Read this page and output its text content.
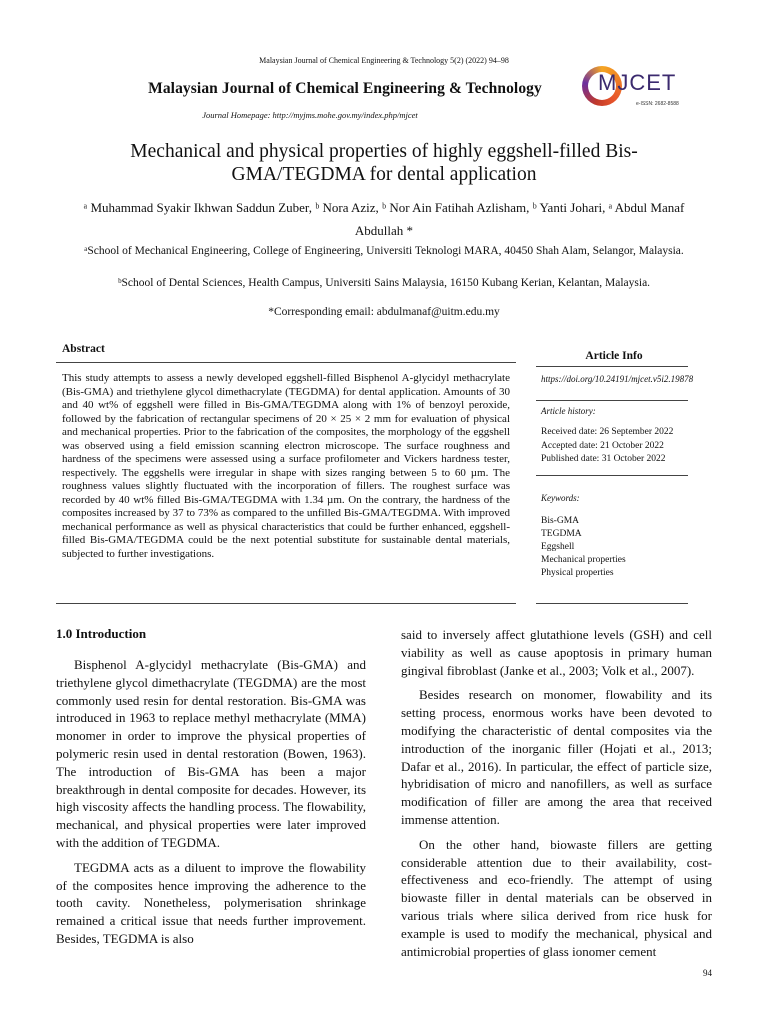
Malaysian Journal of Chemical Engineering & Technology 5(2) (2022) 94–98
Malaysian Journal of Chemical Engineering & Technology
Journal Homepage: http://myjms.mohe.gov.my/index.php/mjcet
MJCET
e-ISSN: 2682-8588
Mechanical and physical properties of highly eggshell-filled Bis-GMA/TEGDMA for dental application
ᵃ Muhammad Syakir Ikhwan Saddun Zuber, ᵇ Nora Aziz, ᵇ Nor Ain Fatihah Azlisham, ᵇ Yanti Johari, ᵃ Abdul Manaf Abdullah *
ᵃSchool of Mechanical Engineering, College of Engineering, Universiti Teknologi MARA, 40450 Shah Alam, Selangor, Malaysia.
ᵇSchool of Dental Sciences, Health Campus, Universiti Sains Malaysia, 16150 Kubang Kerian, Kelantan, Malaysia.
*Corresponding email: abdulmanaf@uitm.edu.my
Abstract
This study attempts to assess a newly developed eggshell-filled Bisphenol A-glycidyl methacrylate (Bis-GMA) and triethylene glycol dimethacrylate (TEGDMA) for dental application. Amounts of 30 and 40 wt% of eggshell were filled in Bis-GMA/TEGDMA along with 1% of benzoyl peroxide, followed by the fabrication of rectangular specimens of 20 × 25 × 2 mm for evaluation of physical and mechanical properties. Prior to the fabrication of the composites, the morphology of the eggshell was observed using a field emission scanning electron microscope. The surface roughness and hardness of the specimens were assessed using a surface profilometer and Vickers hardness tester, respectively. The eggshells were irregular in shape with sizes ranging between 5 to 60 µm. The roughness values slightly fluctuated with the incorporation of fillers. The roughest surface was recorded by 40 wt% filled Bis-GMA/TEGDMA with 1.34 µm. On the contrary, the hardness of the composites increased by 37 to 73% as compared to the unfilled Bis-GMA/TEGDMA. With improved mechanical performance as well as physical characteristics that could be further enhanced, eggshell-filled Bis-GMA/TEGDMA could be the next potential substitute for sustainable dental materials, subjected to further investigations.
Article Info
https://doi.org/10.24191/mjcet.v5i2.19878
Article history:
Received date: 26 September 2022
Accepted date: 21 October 2022
Published date: 31 October 2022
Keywords:
Bis-GMA
TEGDMA
Eggshell
Mechanical properties
Physical properties
1.0 Introduction

Bisphenol A-glycidyl methacrylate (Bis-GMA) and triethylene glycol dimethacrylate (TEGDMA) are the most commonly used resin for dental restoration. Bis-GMA was introduced in 1963 to replace methyl methacrylate (MMA) monomer in order to improve the physical properties of polymeric resin used in dental restoration (Bowen, 1963). The introduction of Bis-GMA has been a major breakthrough in dental composite for decades. However, its high viscosity affects the handling process. The flowability, mechanical, and physical properties were later improved with the addition of TEGDMA.

TEGDMA acts as a diluent to improve the flowability of the composites hence improving the adherence to the tooth cavity. Nonetheless, polymerisation shrinkage remained a critical issue that needs further improvement. Besides, TEGDMA is also

said to inversely affect glutathione levels (GSH) and cell viability as well as cause apoptosis in primary human gingival fibroblast (Janke et al., 2003; Volk et al., 2007).

Besides research on monomer, flowability and its setting process, enormous works have been devoted to modifying the characteristic of dental composites via the introduction of the inorganic filler (Hojati et al., 2013; Dafar et al., 2016). In particular, the effect of particle size, hybridisation of micro and nanofillers, as well as surface modification of filler are among the area that received immense attention.

On the other hand, biowaste fillers are getting considerable attention due to their availability, cost-effectiveness and eco-friendly. The attempt of using biowaste filler in dental materials can be observed in various trials where silica derived from rice husk for example is used to modify the mechanical, physical and antimicrobial properties of glass ionomer cement

94
